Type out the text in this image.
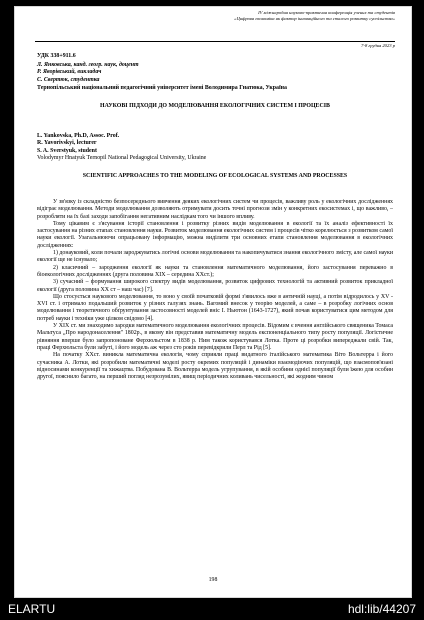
IV міжнародна науково-практична конференція учених та студентів
«Цифрова економіка як фактор інноваційного та сталого розвитку суспільства»
7-8 грудня 2023 р
УДК 338+911.6
Л. Янковська, канд. геогр. наук, доцент
Р. Яворівський, викладач
С. Свертюк, студентка
Тернопільський національний педагогічний університет імені Володимира Гнатюка, Україна
НАУКОВІ ПІДХОДИ ДО МОДЕЛЮВАННЯ ЕКОЛОГІЧНИХ СИСТЕМ І ПРОЦЕСІВ
L. Yankovska, Ph.D, Assoc. Prof.
R. Yavorivskyi, lecturer
S. A. Sverstyuk, student
Volodymyr Hnatyuk Ternopil National Pedagogical University, Ukraine
SCIENTIFIC APPROACHES TO THE MODELING OF ECOLOGICAL SYSTEMS AND PROCESSES

У зв'язку із складністю безпосереднього вивчення деяких екологічних систем чи процесів, важливу роль у екологічних дослідженнях відіграє моделювання. Методи моделювання дозволяють отримувати досить точні прогнози змін у конкретних екосистемах і, що важливо, – розробляти на їх базі заходи запобігання негативним наслідкам того чи іншого впливу.

Тому цікавим є з'ясування історії становлення і розвитку різних видів моделювання в екології та їх аналіз ефективності їх застосування на різних етапах становлення науки. Розвиток моделювання екологічних систем і процесів чітко корелюється з розвитком самої науки екології. Узагальнюючи опрацьовану інформацію, можна виділити три основних етапи становлення моделювання в екологічних дослідженнях:

1) донауковий, коли почали зароджуватись логічні основи моделювання та накопичуватися знання екологічного змісту, але самої науки екології ще не існувало;

2) класичний – зародження екології як науки та становлення математичного моделювання, його застосування переважно в біоекологічних дослідженнях (друга половина XIX – середина XXст.);

3) сучасний – формування широкого спектру видів моделювання, розвиток цифрових технологій та активний розвиток прикладної екології (друга половина XX ст – наш час) [7].

Що стосується наукового моделювання, то воно у своїй початковій формі з'явилось вже в античній науці, а потім відродилось у XV - XVI ст. і отримало подальший розвиток у різних галузях знань. Вагомий внесок у теорію моделей, а саме – в розробку логічних основ моделювання і теоретичного обґрунтування застосовності моделей вніс І. Ньютон (1643-1727), який почав користуватися цим методом для потреб науки і техніки уже цілком свідомо [4].

У XIX ст. ми знаходимо зародки математичного моделювання екологічних процесів. Відомим є вчення англійського священика Томаса Мальтуса „Про народонаселення" 1802р., в якому він представив математичну модель експоненціального типу росту популяції. Логістичне рівняння вперше було запропоноване Ферхюльстом в 1838 р. Ним також користувався Лотка. Проте ці розробки випереджали свій. Так, праці Ферхюльста були забуті, і його модель аж через сто років перевідкрили Перл та Рід [5].

На початку XXст. виникла математична екологія, чому сприяли праці видатного італійського математика Віто Вольтерра і його сучасника А. Лотки, які розробили математичні моделі росту окремих популяцій і динаміки взаємодіючих популяцій, що взаємопов'язані відносинами конкуренції та хижацтва. Побудована В. Вольтерра модель угрупування, в якій особини однієї популяції були їжею для особин другої, пояснило багато, на перший погляд незрозумілих, явищ періодичних коливань чисельності, які жодним чином

198
ELARTU	hdl:lib/44207
